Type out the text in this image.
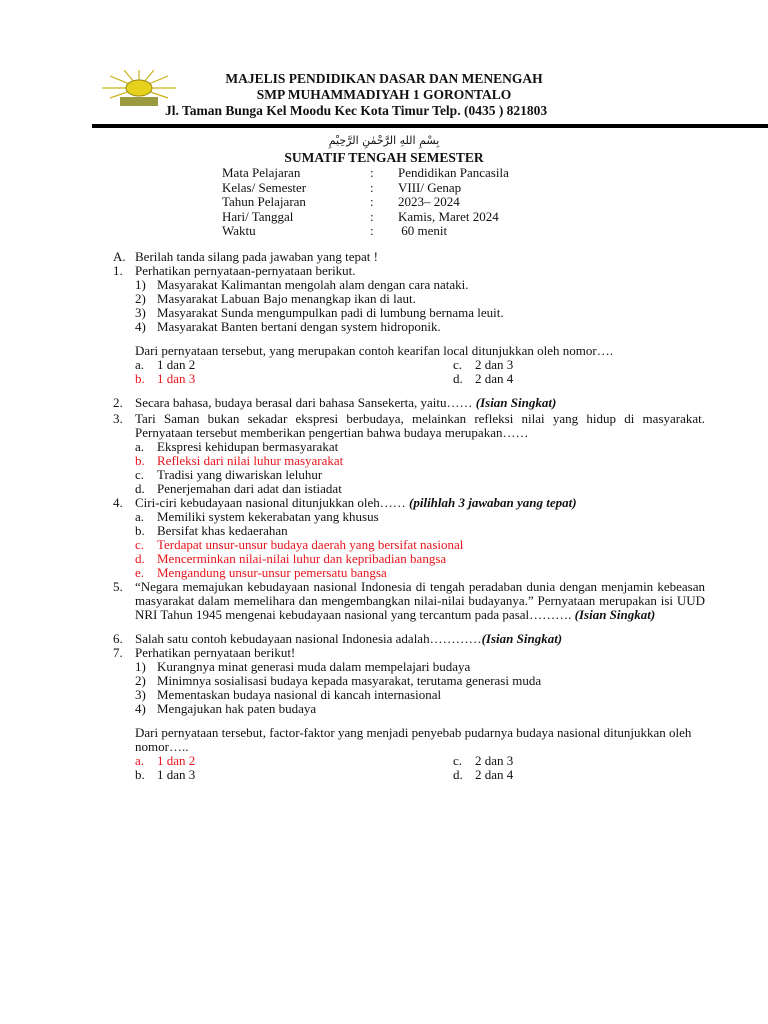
MAJELIS PENDIDIKAN DASAR DAN MENENGAH
SMP MUHAMMADIYAH 1 GORONTALO
Jl. Taman Bunga Kel Moodu Kec Kota Timur Telp. (0435 ) 821803
بِسْمِ اللهِ الرَّحْمٰنِ الرَّحِيْمِ
SUMATIF TENGAH SEMESTER
Mata Pelajaran	:	Pendidikan Pancasila
Kelas/ Semester	:	VIII/ Genap
Tahun Pelajaran	:	2023– 2024
Hari/ Tanggal	:	Kamis, Maret 2024
Waktu	:	60 menit
A. Berilah tanda silang pada jawaban yang tepat !
1. Perhatikan pernyataan-pernyataan berikut.
1) Masyarakat Kalimantan mengolah alam dengan cara nataki.
2) Masyarakat Labuan Bajo menangkap ikan di laut.
3) Masyarakat Sunda mengumpulkan padi di lumbung bernama leuit.
4) Masyarakat Banten bertani dengan system hidroponik.
Dari pernyataan tersebut, yang merupakan contoh kearifan local ditunjukkan oleh nomor….
a. 1 dan 2	c. 2 dan 3
b. 1 dan 3	d. 2 dan 4
2. Secara bahasa, budaya berasal dari bahasa Sansekerta, yaitu…… (Isian Singkat)
3. Tari Saman bukan sekadar ekspresi berbudaya, melainkan refleksi nilai yang hidup di masyarakat. Pernyataan tersebut memberikan pengertian bahwa budaya merupakan……
a. Ekspresi kehidupan bermasyarakat
b. Refleksi dari nilai luhur masyarakat
c. Tradisi yang diwariskan leluhur
d. Penerjemahan dari adat dan istiadat
4. Ciri-ciri kebudayaan nasional ditunjukkan oleh…… (pilihlah 3 jawaban yang tepat)
a. Memiliki system kekerabatan yang khusus
b. Bersifat khas kedaerahan
c. Terdapat unsur-unsur budaya daerah yang bersifat nasional
d. Mencerminkan nilai-nilai luhur dan kepribadian bangsa
e. Mengandung unsur-unsur pemersatu bangsa
5. “Negara memajukan kebudayaan nasional Indonesia di tengah peradaban dunia dengan menjamin kebeasan masyarakat dalam memelihara dan mengembangkan nilai-nilai budayanya.” Pernyataan merupakan isi UUD NRI Tahun 1945 mengenai kebudayaan nasional yang tercantum pada pasal………. (Isian Singkat)
6. Salah satu contoh kebudayaan nasional Indonesia adalah…………(Isian Singkat)
7. Perhatikan pernyataan berikut!
1) Kurangnya minat generasi muda dalam mempelajari budaya
2) Minimnya sosialisasi budaya kepada masyarakat, terutama generasi muda
3) Mementaskan budaya nasional di kancah internasional
4) Mengajukan hak paten budaya
Dari pernyataan tersebut, factor-faktor yang menjadi penyebab pudarnya budaya nasional ditunjukkan oleh nomor…..
a. 1 dan 2	c. 2 dan 3
b. 1 dan 3	d. 2 dan 4
